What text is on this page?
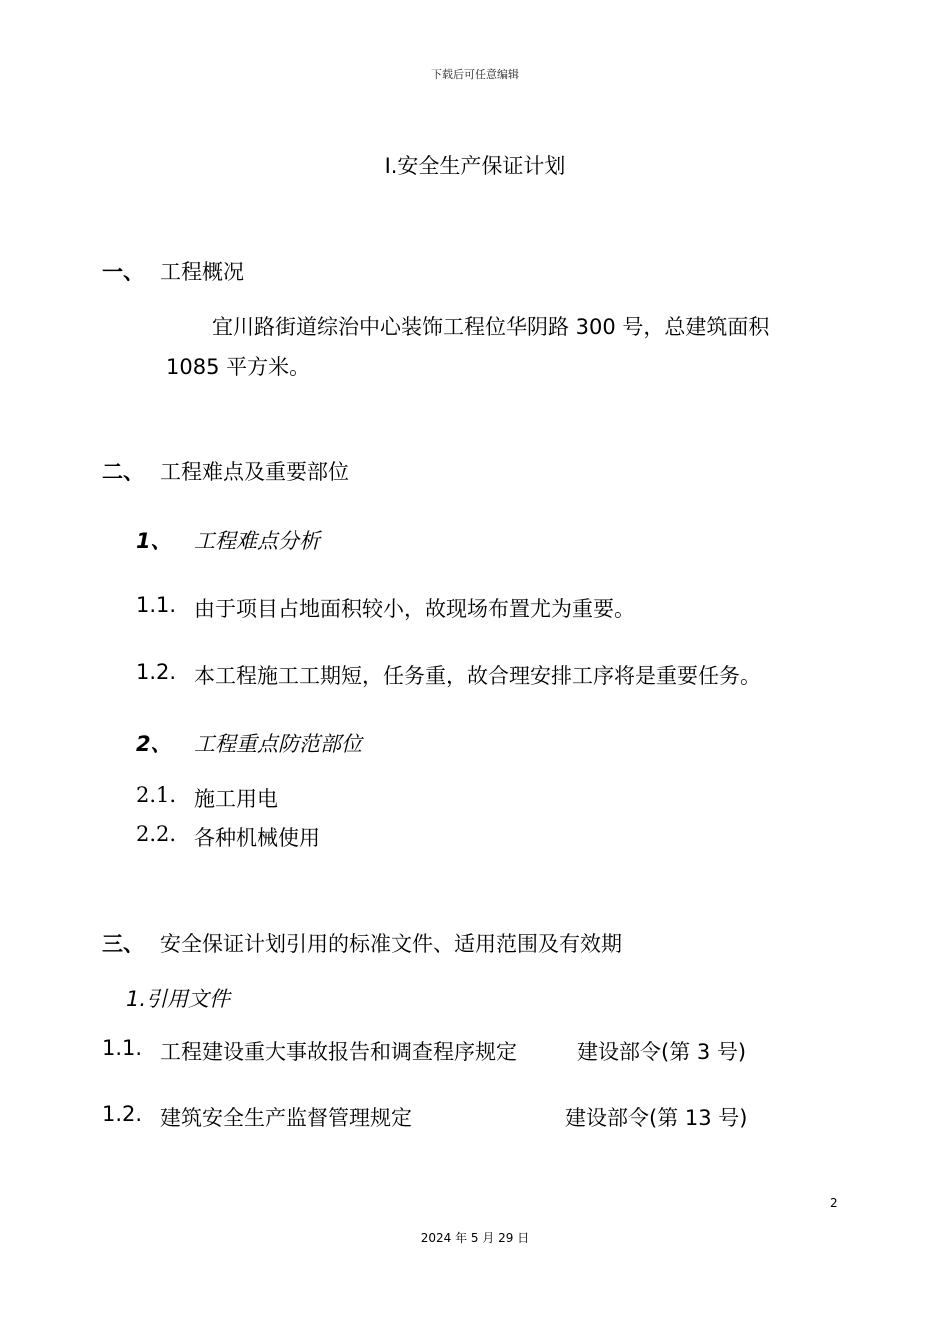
下载后可任意编辑
Ⅰ.安全生产保证计划
一、 工程概况
宜川路街道综治中心装饰工程位华阴路 300 号，总建筑面积
1085 平方米。
二、 工程难点及重要部位
1、 工程难点分析
1.1. 由于项目占地面积较小，故现场布置尤为重要。
1.2. 本工程施工工期短，任务重，故合理安排工序将是重要任务。
2、 工程重点防范部位
2.1. 施工用电
2.2. 各种机械使用
三、 安全保证计划引用的标准文件、适用范围及有效期
1.引用文件
1.1. 工程建设重大事故报告和调查程序规定	建设部令(第 3 号)
1.2. 建筑安全生产监督管理规定	建设部令(第 13 号)
2
2024 年 5 月 29 日
